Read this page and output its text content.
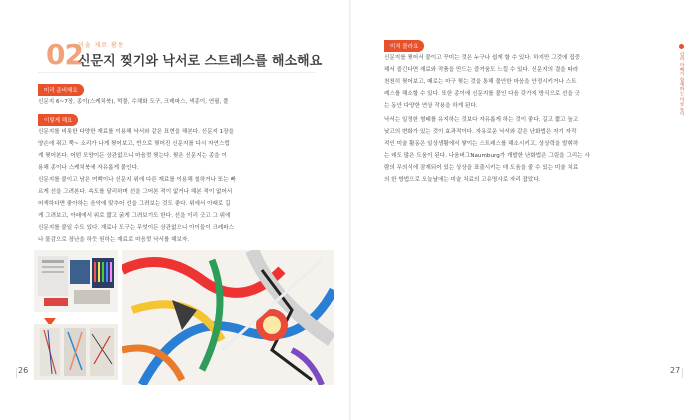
02
미술 재료 활동
신문지 찢기와 낙서로 스트레스를 해소해요
미리 준비해요
신문지 6~7장, 종이(스케치북), 먹물, 수채화 도구, 크레파스, 색종이, 연필, 풀
이렇게 해요
신문지를 비롯한 다양한 재료를 이용해 낙서와 같은 표현을 해본다. 신문지 1장을
양손에 쥐고 쭉~ 소리가 나게 찢어보고, 반으로 찢어진 신문지를 다시 자연스럽
게 찢어본다. 어떤 모양이든 상관없으니 마음껏 찢는다. 찢은 신문지는 종을 이
용해 종이나 스케치북에 자유롭게 붙인다.
신문지를 붙이고 남은 여백이나 신문지 위에 다른 재료를 이용해 칠하거나 또는 빠
르게 선을 그려본다. 속도를 달리하며 선을 그어본 적이 없거나 해본 적이 없어서
어색하다면 좋아하는 음악에 맞추어 선을 그려보는 것도 좋다. 위에서 아래로 길
게 그려보고, 아래에서 위로 짧고 굵게 그려보기도 한다. 선을 이리 긋고 그 위에
신문지를 붙일 수도 있다. 재료나 도구는 무엇이든 상관없으니 아이들이 크레파스
나 물감으로 장난을 하듯 원하는 재료로 마음껏 낙서를 해보자.
26
미처 몰라요
신문지를 찢어서 붙이고 꾸미는 것은 누구나 쉽게 할 수 있다. 하지만 그것에 집중
해서 즐긴다면 재료와 작품을 만드는 즐거움도 느낄 수 있다. 신문지의 결을 따라
천천히 찢어보고, 때로는 마구 찢는 것을 통해 불안한 마음을 안정시키거나 스트
레스를 해소할 수 있다. 또한 종이에 신문지를 붙인 다음 갖가지 방식으로 선을 긋
는 동안 다양한 연상 작용을 하게 된다.
낙서는 일정한 형태를 유지하는 것보다 자유롭게 하는 것이 좋다. 길고 짧고 높고
낮고의 변화가 있는 것이 효과적이다. 자유로운 낙서와 같은 난화법은 자기 자작
적인 미술 활동은 일상생활에서 쌓이는 스트레스를 해소시키고, 상상력을 발휘하
는 데도 많은 도움이 된다. 나움버그Naumburg가 개발한 난화법은 그림을 그리는 사
람의 무의식에 잠재되어 있는 상상을 표출시키는 데 도움을 줄 수 있는 미술 치료
의 한 방법으로 오늘날에는 미술 치료의 고유명사로 자리 잡았다.
엄마 아빠가 함께하는 미술 놀이
27
